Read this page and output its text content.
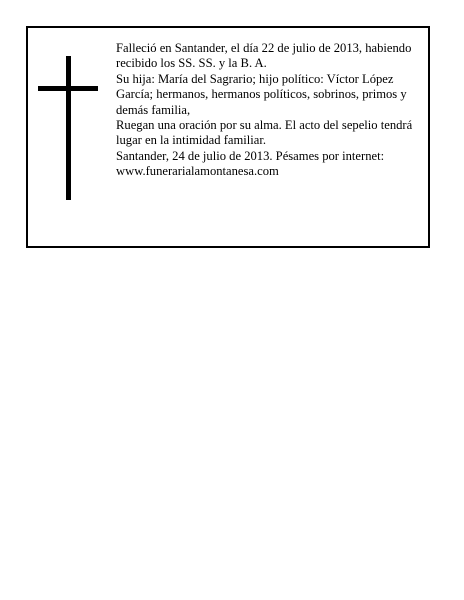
Falleció en Santander, el día 22 de julio de 2013, habiendo recibido los SS. SS. y la B. A.

Su hija: María del Sagrario; hijo político: Víctor López García; hermanos, hermanos políticos, sobrinos, primos y demás familia,

Ruegan una oración por su alma. El acto del sepelio tendrá lugar en la intimidad familiar.

Santander, 24 de julio de 2013. Pésames por internet: www.funerarialamontanesa.com
